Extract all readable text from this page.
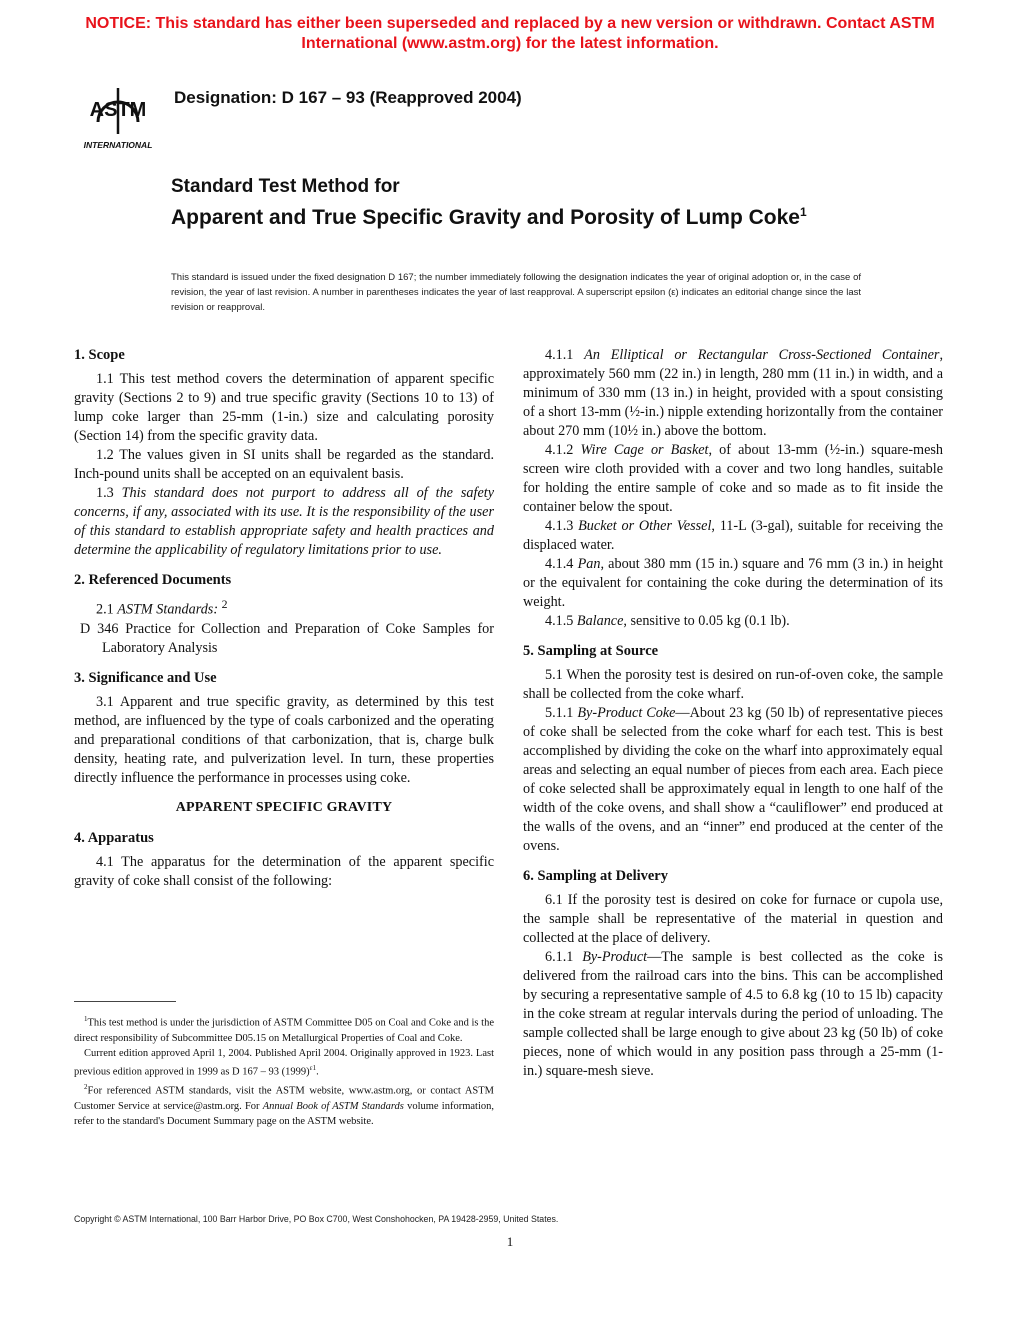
NOTICE: This standard has either been superseded and replaced by a new version or withdrawn. Contact ASTM
International (www.astm.org) for the latest information.
ASTM
INTERNATIONAL
Designation: D 167 – 93 (Reapproved 2004)
Standard Test Method for
Apparent and True Specific Gravity and Porosity of Lump Coke$^1$
This standard is issued under the fixed designation D 167; the number immediately following the designation indicates the year of original adoption or, in the case of revision, the year of last revision. A number in parentheses indicates the year of last reapproval. A superscript epsilon (ε) indicates an editorial change since the last revision or reapproval.
1. Scope

1.1 This test method covers the determination of apparent specific gravity (Sections 2 to 9) and true specific gravity (Sections 10 to 13) of lump coke larger than 25-mm (1-in.) size and calculating porosity (Section 14) from the specific gravity data.

1.2 The values given in SI units shall be regarded as the standard. Inch-pound units shall be accepted on an equivalent basis.

1.3 This standard does not purport to address all of the safety concerns, if any, associated with its use. It is the responsibility of the user of this standard to establish appropriate safety and health practices and determine the applicability of regulatory limitations prior to use.

2. Referenced Documents

2.1 ASTM Standards: $^2$

D 346 Practice for Collection and Preparation of Coke Samples for Laboratory Analysis

3. Significance and Use

3.1 Apparent and true specific gravity, as determined by this test method, are influenced by the type of coals carbonized and the operating and preparational conditions of that carbonization, that is, charge bulk density, heating rate, and pulverization level. In turn, these properties directly influence the performance in processes using coke.

APPARENT SPECIFIC GRAVITY
4. Apparatus

4.1 The apparatus for the determination of the apparent specific gravity of coke shall consist of the following:

$^1$This test method is under the jurisdiction of ASTM Committee D05 on Coal and Coke and is the direct responsibility of Subcommittee D05.15 on Metallurgical Properties of Coal and Coke.

Current edition approved April 1, 2004. Published April 2004. Originally approved in 1923. Last previous edition approved in 1999 as D 167 – 93 $(1999)^{\varepsilon 1}$.

$^2$For referenced ASTM standards, visit the ASTM website, www.astm.org, or contact ASTM Customer Service at service@astm.org. For Annual Book of ASTM Standards volume information, refer to the standard's Document Summary page on the ASTM website.

4.1.1 An Elliptical or Rectangular Cross-Sectioned Container, approximately 560 mm (22 in.) in length, 280 mm (11 in.) in width, and a minimum of 330 mm (13 in.) in height, provided with a spout consisting of a short 13-mm (½-in.) nipple extending horizontally from the container about 270 mm (10½ in.) above the bottom.

4.1.2 Wire Cage or Basket, of about 13-mm (½-in.) square-mesh screen wire cloth provided with a cover and two long handles, suitable for holding the entire sample of coke and so made as to fit inside the container below the spout.

4.1.3 Bucket or Other Vessel, 11-L (3-gal), suitable for receiving the displaced water.

4.1.4 Pan, about 380 mm (15 in.) square and 76 mm (3 in.) in height or the equivalent for containing the coke during the determination of its weight.

4.1.5 Balance, sensitive to 0.05 kg (0.1 lb).

5. Sampling at Source

5.1 When the porosity test is desired on run-of-oven coke, the sample shall be collected from the coke wharf.

5.1.1 By-Product Coke—About 23 kg (50 lb) of representative pieces of coke shall be selected from the coke wharf for each test. This is best accomplished by dividing the coke on the wharf into approximately equal areas and selecting an equal number of pieces from each area. Each piece of coke selected shall be approximately equal in length to one half of the width of the coke ovens, and shall show a “cauliflower” end produced at the walls of the ovens, and an “inner” end produced at the center of the ovens.

6. Sampling at Delivery

6.1 If the porosity test is desired on coke for furnace or cupola use, the sample shall be representative of the material in question and collected at the place of delivery.

6.1.1 By-Product—The sample is best collected as the coke is delivered from the railroad cars into the bins. This can be accomplished by securing a representative sample of 4.5 to 6.8 kg (10 to 15 lb) capacity in the coke stream at regular intervals during the period of unloading. The sample collected shall be large enough to give about 23 kg (50 lb) of coke pieces, none of which would in any position pass through a 25-mm (1-in.) square-mesh sieve.

Copyright © ASTM International, 100 Barr Harbor Drive, PO Box C700, West Conshohocken, PA 19428-2959, United States.
1
